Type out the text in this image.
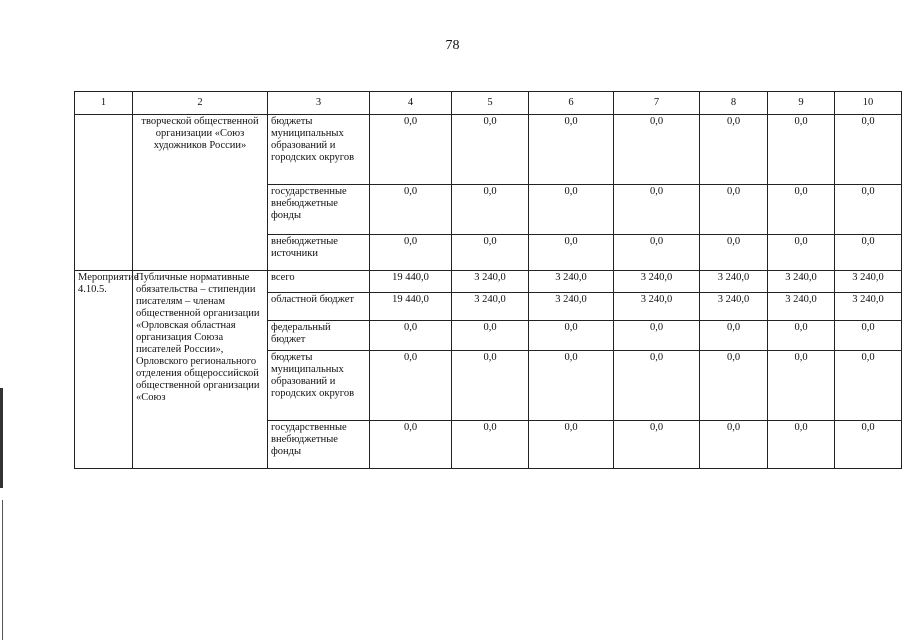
78
1	2	3	4	5	6	7	8	9	10
	творческой общественной организации «Союз художников России»	бюджеты муниципальных образований и городских округов	0,0	0,0	0,0	0,0	0,0	0,0	0,0
		государственные внебюджетные фонды	0,0	0,0	0,0	0,0	0,0	0,0	0,0
		внебюджетные источники	0,0	0,0	0,0	0,0	0,0	0,0	0,0
Мероприятие 4.10.5.	Публичные нормативные обязательства – стипендии писателям – членам общественной организации «Орловская областная организация Союза писателей России», Орловского регионального отделения общероссийской общественной организации «Союз	всего	19 440,0	3 240,0	3 240,0	3 240,0	3 240,0	3 240,0	3 240,0
		областной бюджет	19 440,0	3 240,0	3 240,0	3 240,0	3 240,0	3 240,0	3 240,0
		федеральный бюджет	0,0	0,0	0,0	0,0	0,0	0,0	0,0
		бюджеты муниципальных образований и городских округов	0,0	0,0	0,0	0,0	0,0	0,0	0,0
		государственные внебюджетные фонды	0,0	0,0	0,0	0,0	0,0	0,0	0,0
